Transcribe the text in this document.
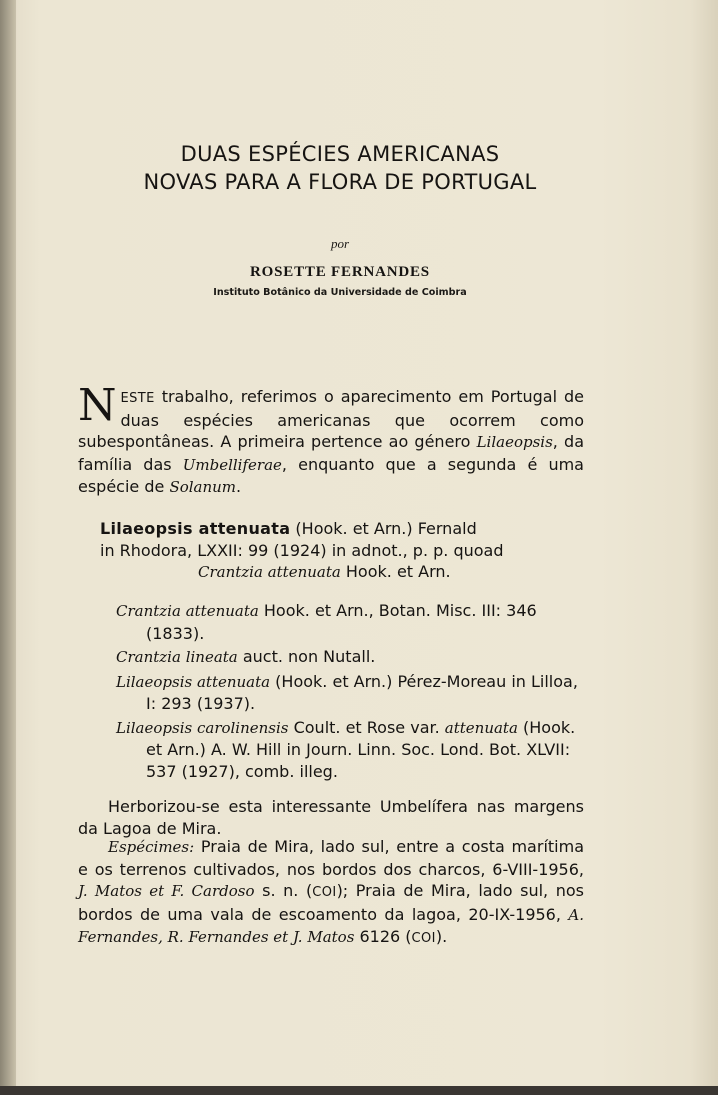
DUAS ESPÉCIES AMERICANAS
NOVAS PARA A FLORA DE PORTUGAL
por
ROSETTE FERNANDES
Instituto Botânico da Universidade de Coimbra
NESTE trabalho, referimos o aparecimento em Portugal de duas espécies americanas que ocorrem como subespontâneas. A primeira pertence ao género Lilaeopsis, da família das Umbelliferae, enquanto que a segunda é uma espécie de Solanum.
Lilaeopsis attenuata (Hook. et Arn.) Fernald
in Rhodora, LXXII: 99 (1924) in adnot., p. p. quoad
Crantzia attenuata Hook. et Arn.
Crantzia attenuata Hook. et Arn., Botan. Misc. III: 346 (1833).
Crantzia lineata auct. non Nutall.
Lilaeopsis attenuata (Hook. et Arn.) Pérez-Moreau in Lilloa, I: 293 (1937).
Lilaeopsis carolinensis Coult. et Rose var. attenuata (Hook. et Arn.) A. W. Hill in Journ. Linn. Soc. Lond. Bot. XLVII: 537 (1927), comb. illeg.
Herborizou-se esta interessante Umbelífera nas margens da Lagoa de Mira.
Espécimes: Praia de Mira, lado sul, entre a costa marítima e os terrenos cultivados, nos bordos dos charcos, 6-VIII-1956, J. Matos et F. Cardoso s. n. (COI); Praia de Mira, lado sul, nos bordos de uma vala de escoamento da lagoa, 20-IX-1956, A. Fernandes, R. Fernandes et J. Matos 6126 (COI).
